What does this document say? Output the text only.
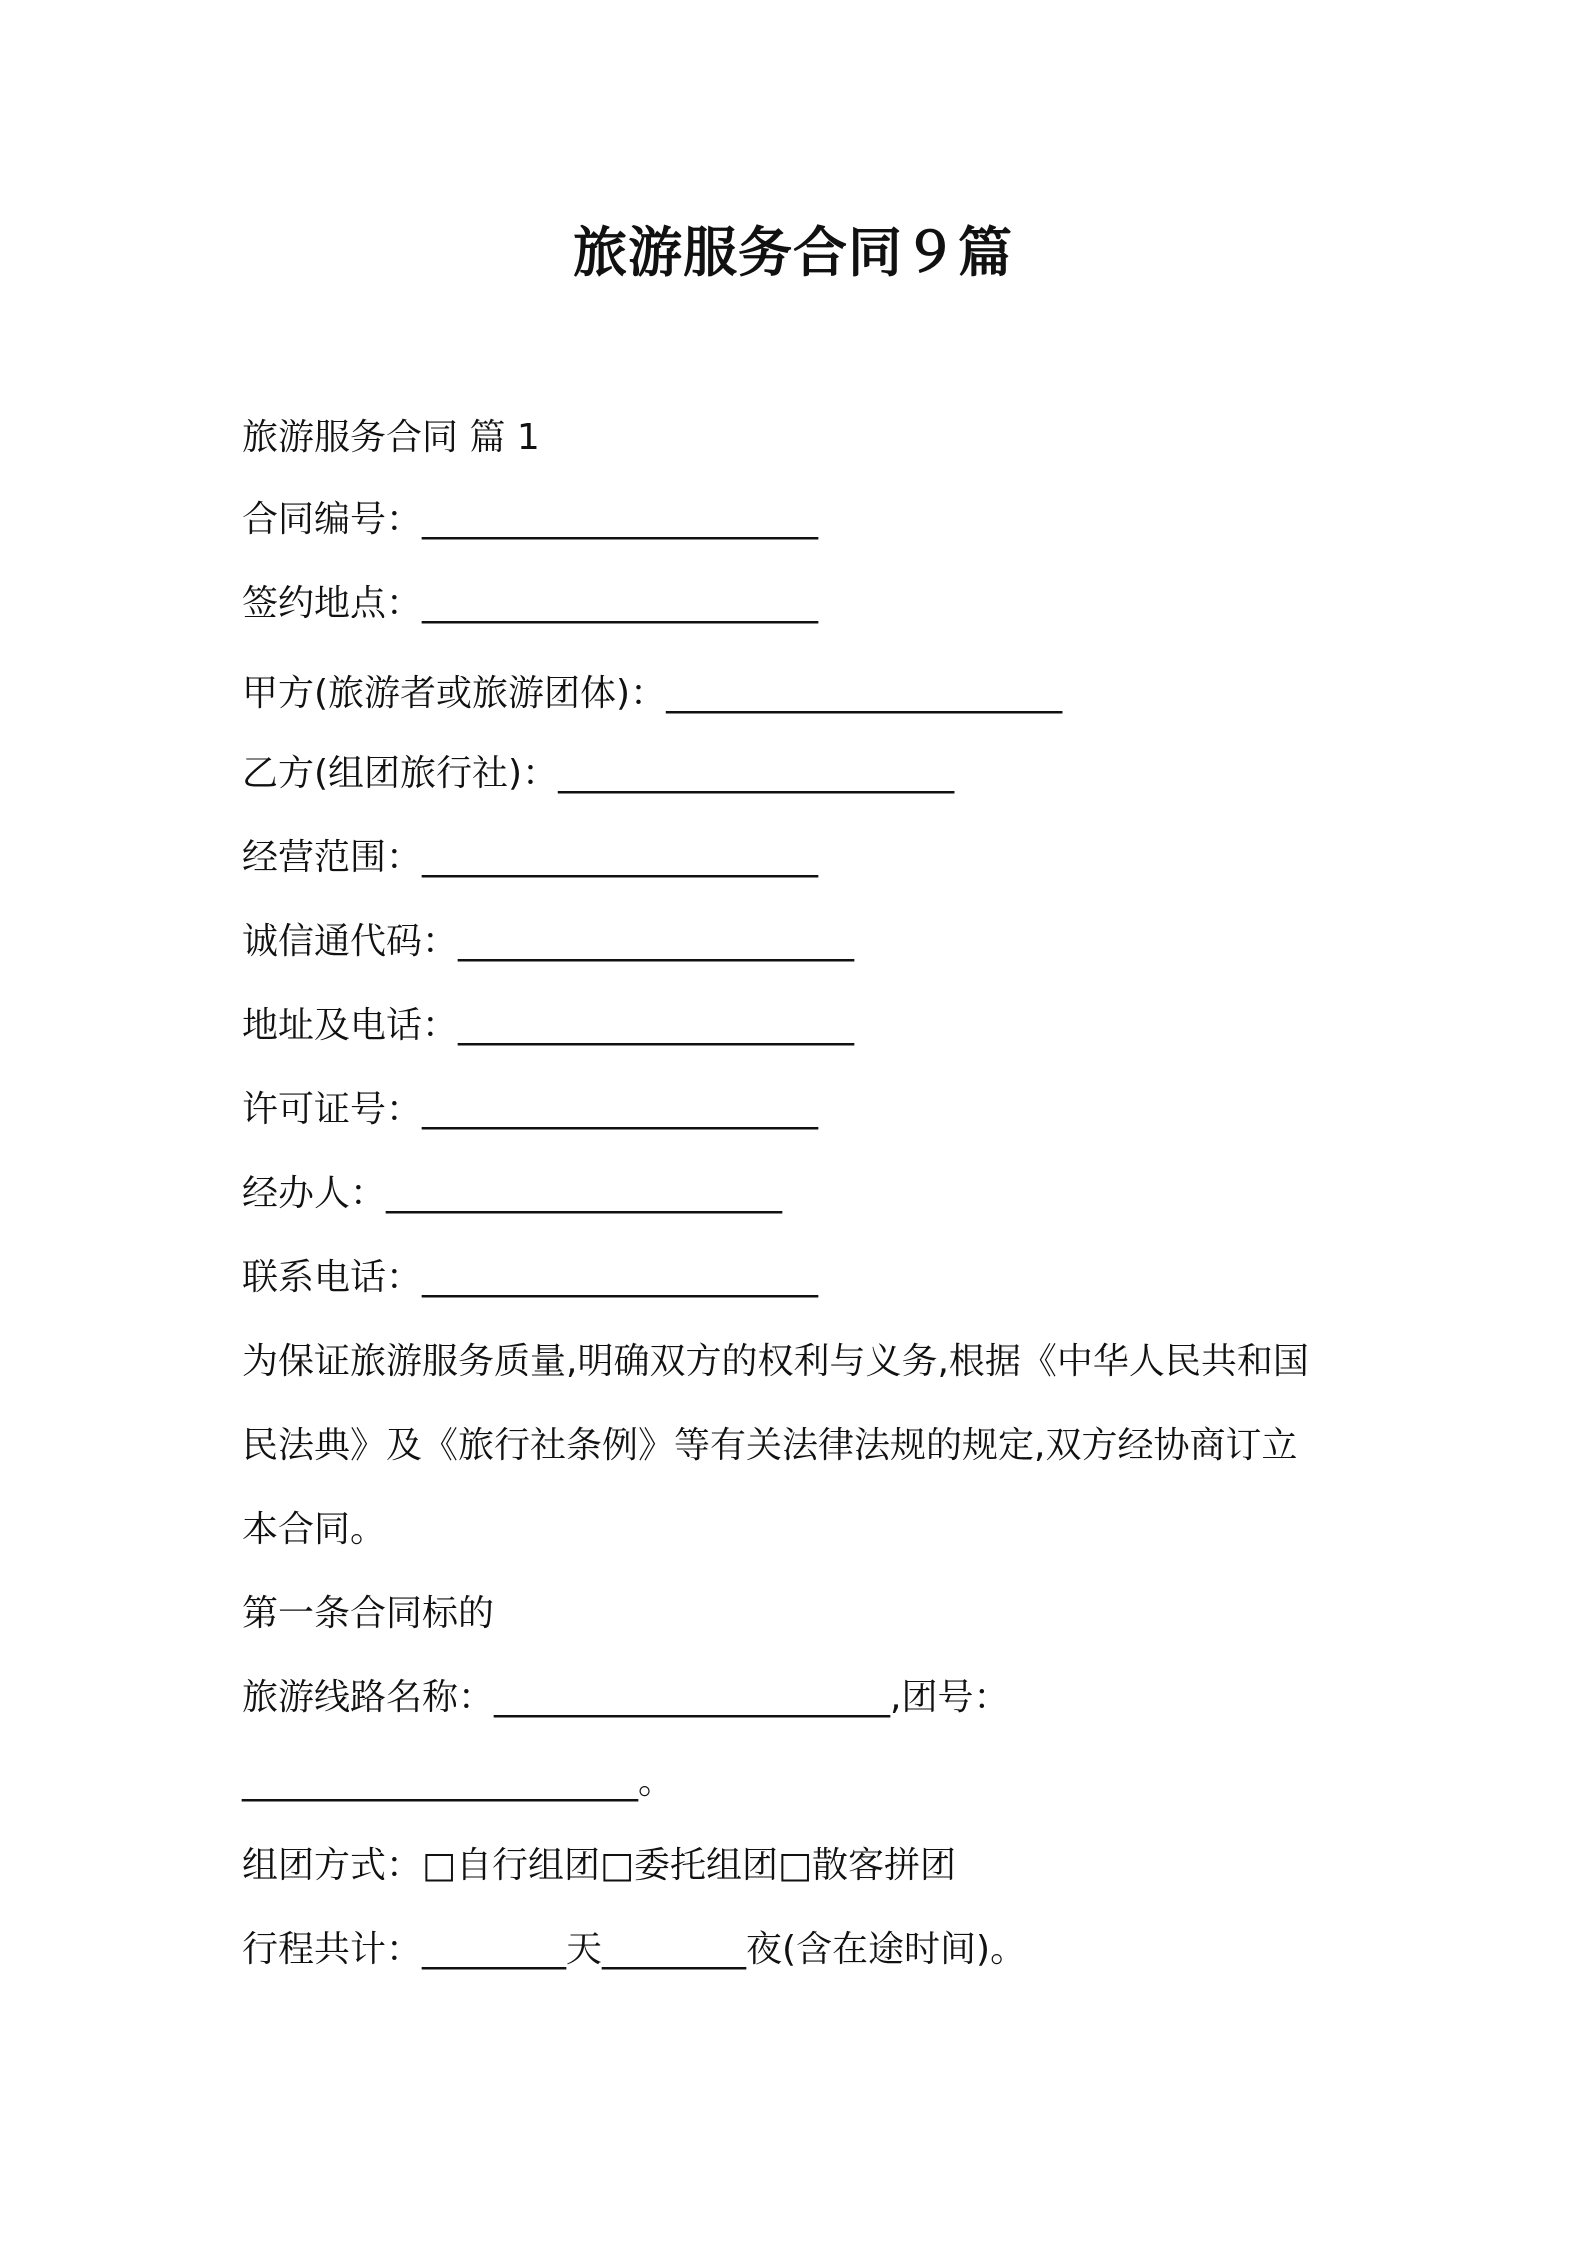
旅游服务合同９篇
旅游服务合同 篇 1
合同编号：______________________
签约地点：______________________
甲方(旅游者或旅游团体)：______________________
乙方(组团旅行社)：______________________
经营范围：______________________
诚信通代码：______________________
地址及电话：______________________
许可证号：______________________
经办人：______________________
联系电话：______________________
为保证旅游服务质量,明确双方的权利与义务,根据《中华人民共和国
民法典》及《旅行社条例》等有关法律法规的规定,双方经协商订立
本合同。
第一条合同标的
旅游线路名称：______________________,团号：
______________________。
组团方式：□自行组团□委托组团□散客拼团
行程共计：________天________夜(含在途时间)。
